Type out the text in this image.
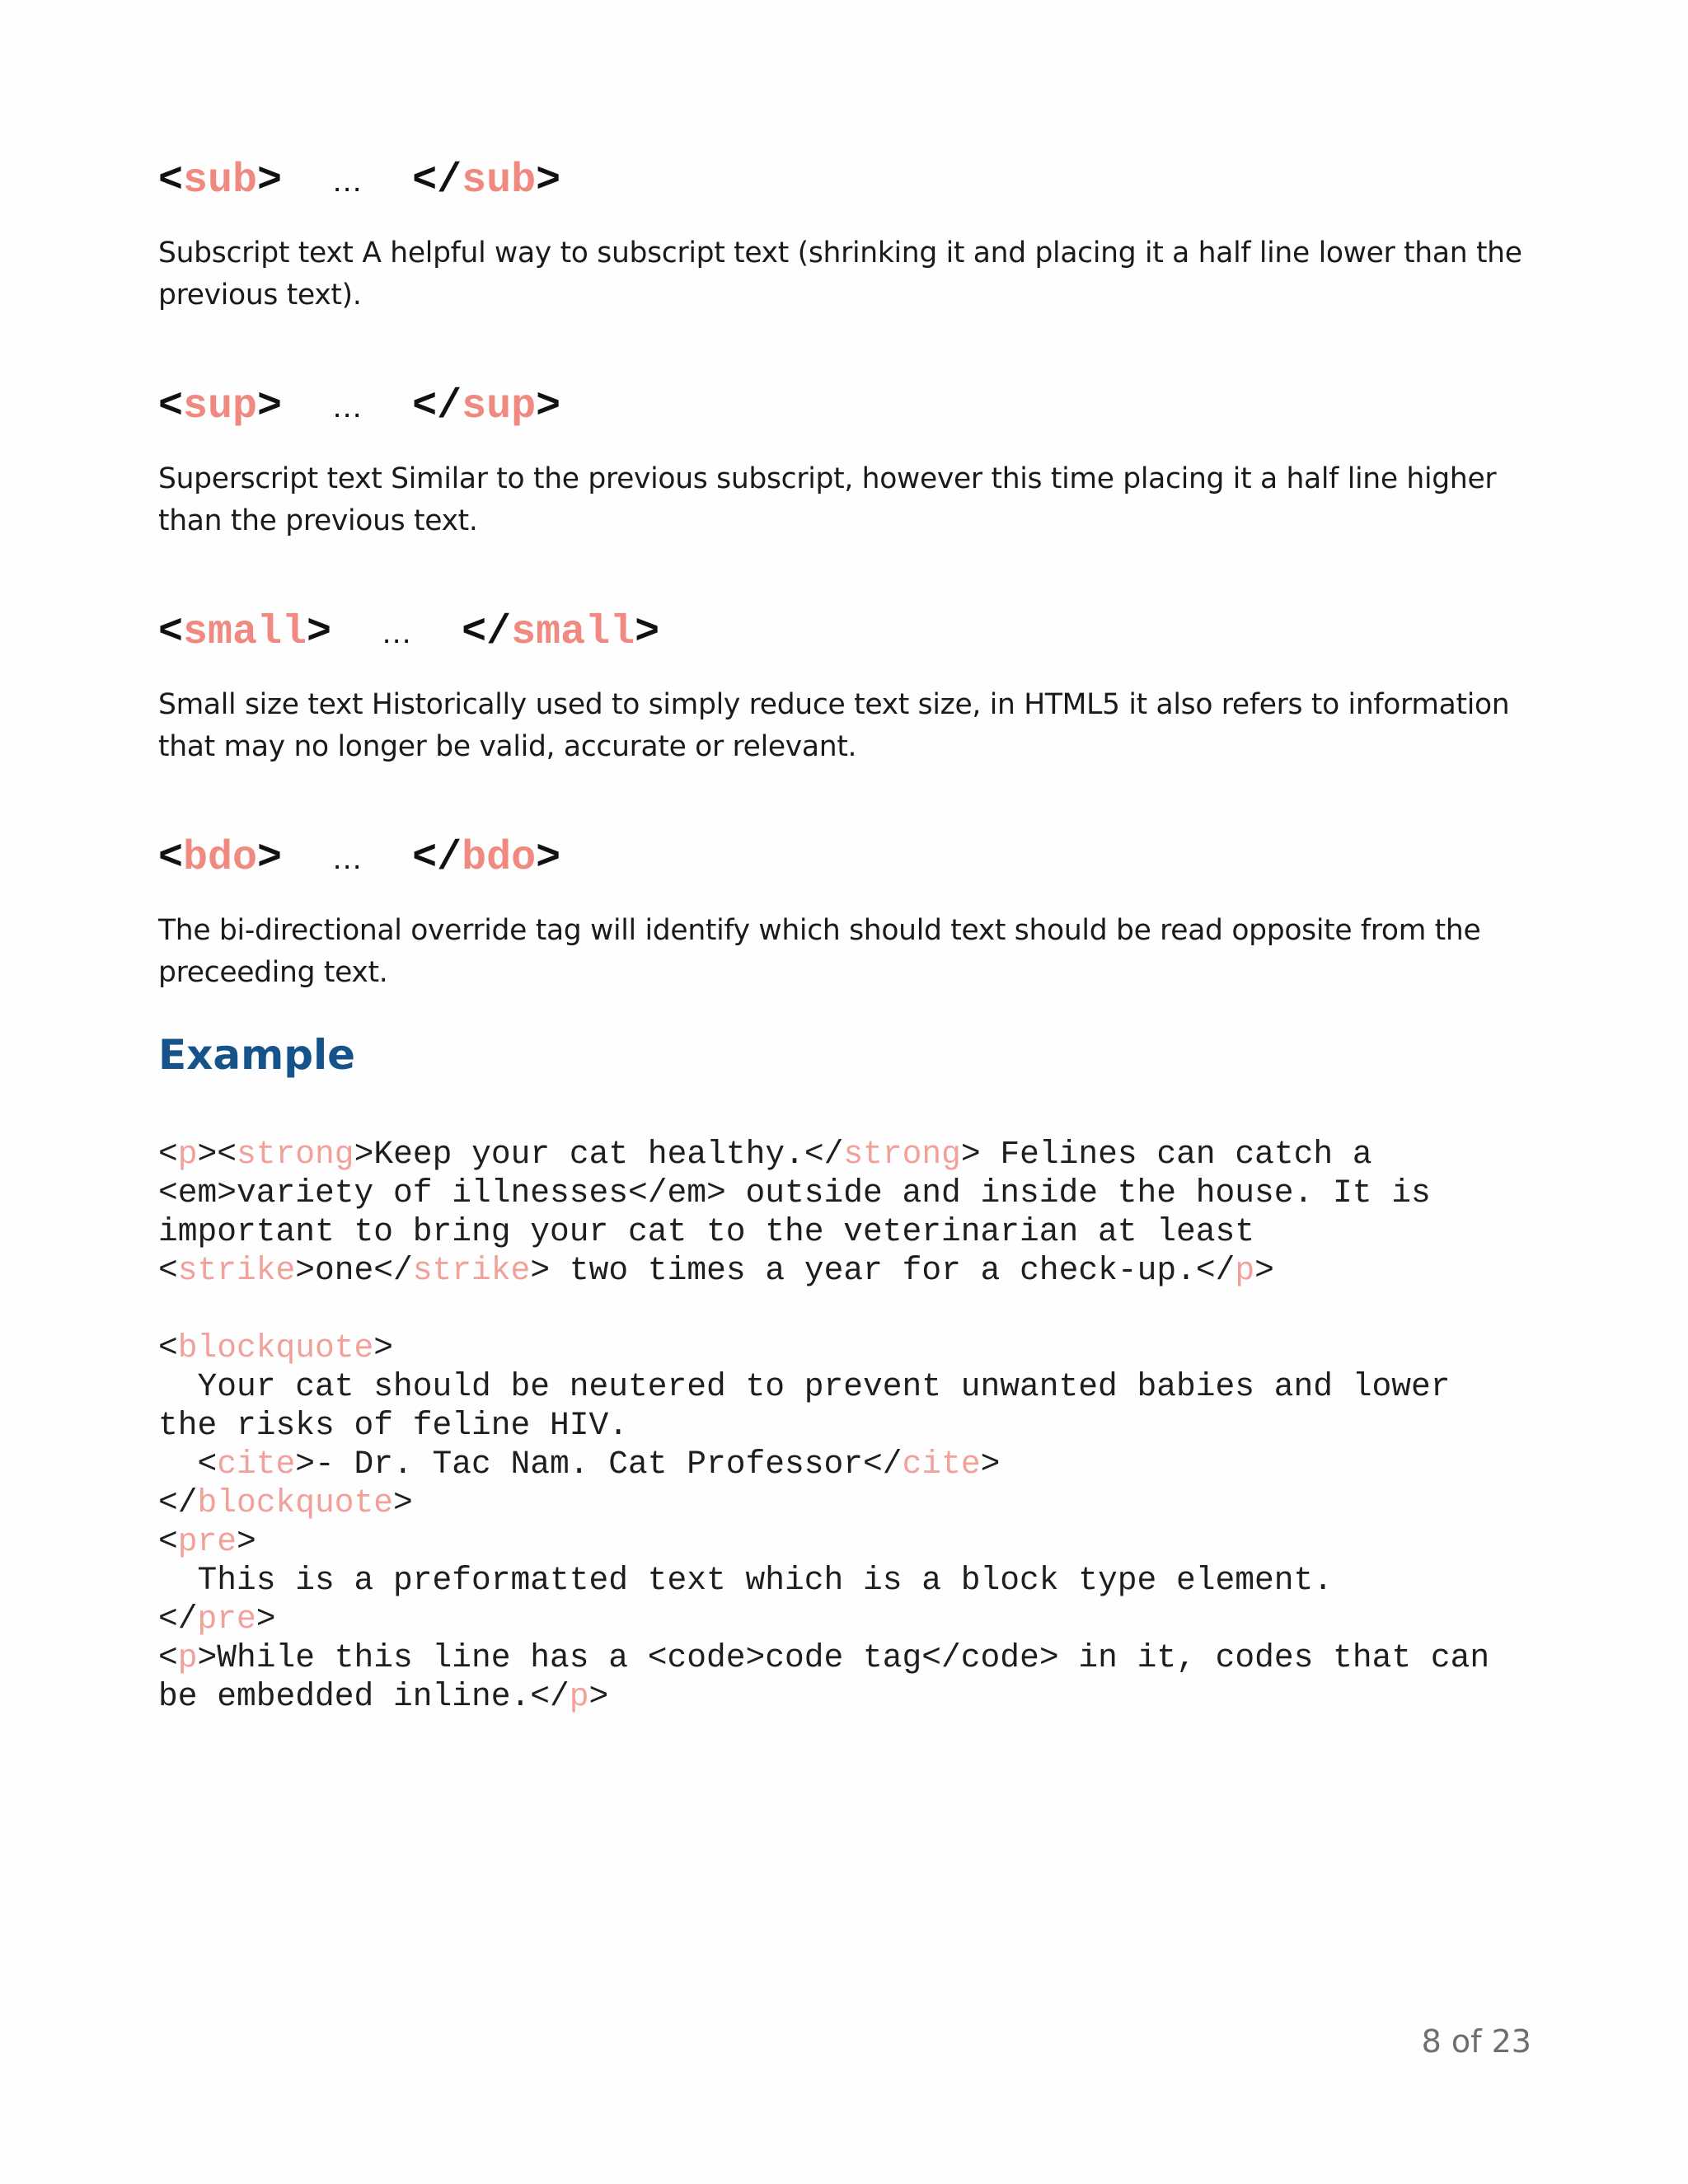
<sub> … </sub>

Subscript text A helpful way to subscript text (shrinking it and placing it a half line lower than the previous text).

<sup> … </sup>

Superscript text Similar to the previous subscript, however this time placing it a half line higher than the previous text.

<small> … </small>

Small size text Historically used to simply reduce text size, in HTML5 it also refers to information that may no longer be valid, accurate or relevant.

<bdo> … </bdo>

The bi-directional override tag will identify which should text should be read opposite from the preceeding text.

Example
<p><strong>Keep your cat healthy.</strong> Felines can catch a
<em>variety of illnesses</em> outside and inside the house. It is
important to bring your cat to the veterinarian at least
<strike>one</strike> two times a year for a check-up.</p>
<blockquote>
Your cat should be neutered to prevent unwanted babies and lower
the risks of feline HIV.
<cite>- Dr. Tac Nam. Cat Professor</cite>
</blockquote>
<pre>
This is a preformatted text which is a block type element.
</pre>
<p>While this line has a <code>code tag</code> in it, codes that can
be embedded inline.</p>
8 of 23
